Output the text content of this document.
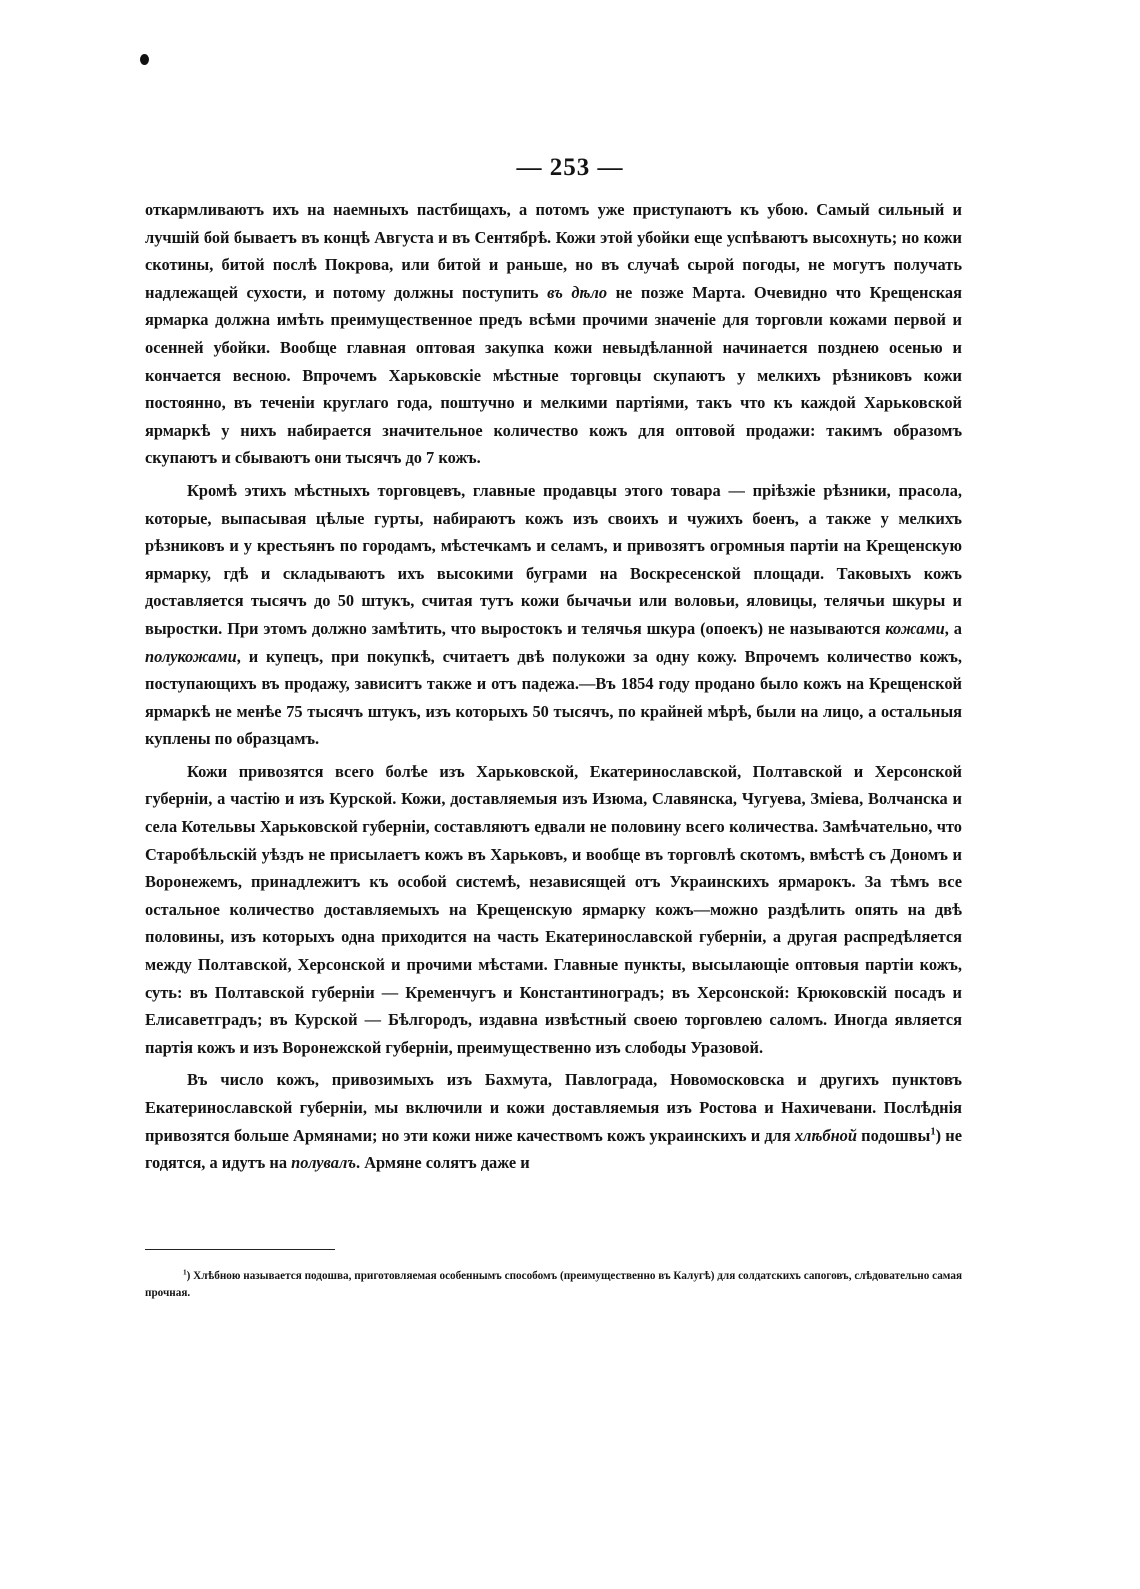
— 253 —

откармливаютъ ихъ на наемныхъ пастбищахъ, а потомъ уже приступаютъ къ убою. Самый сильный и лучшій бой бываетъ въ концѣ Августа и въ Сентябрѣ. Кожи этой убойки еще успѣваютъ высохнуть; но кожи скотины, битой послѣ Покрова, или битой и раньше, но въ случаѣ сырой погоды, не могутъ получать надлежащей сухости, и потому должны поступить въ дѣло не позже Марта. Очевидно что Крещенская ярмарка должна имѣть преимущественное предъ всѣми прочими значеніе для торговли кожами первой и осенней убойки. Вообще главная оптовая закупка кожи невыдѣланной начинается позднею осенью и кончается весною. Впрочемъ Харьковскіе мѣстные торговцы скупаютъ у мелкихъ рѣзниковъ кожи постоянно, въ теченіи круглаго года, поштучно и мелкими партіями, такъ что къ каждой Харьковской ярмаркѣ у нихъ набирается значительное количество кожъ для оптовой продажи: такимъ образомъ скупаютъ и сбываютъ они тысячъ до 7 кожъ.

Кромѣ этихъ мѣстныхъ торговцевъ, главные продавцы этого товара — пріѣзжіе рѣзники, прасола, которые, выпасывая цѣлые гурты, набираютъ кожъ изъ своихъ и чужихъ боенъ, а также у мелкихъ рѣзниковъ и у крестьянъ по городамъ, мѣстечкамъ и селамъ, и привозятъ огромныя партіи на Крещенскую ярмарку, гдѣ и складываютъ ихъ высокими буграми на Воскресенской площади. Таковыхъ кожъ доставляется тысячъ до 50 штукъ, считая тутъ кожи бычачьи или воловьи, яловицы, телячьи шкуры и выростки. При этомъ должно замѣтить, что выростокъ и телячья шкура (опоекъ) не называются кожами, а полукожами, и купецъ, при покупкѣ, считаетъ двѣ полукожи за одну кожу. Впрочемъ количество кожъ, поступающихъ въ продажу, зависитъ также и отъ падежа.—Въ 1854 году продано было кожъ на Крещенской ярмаркѣ не менѣе 75 тысячъ штукъ, изъ которыхъ 50 тысячъ, по крайней мѣрѣ, были на лицо, а остальныя куплены по образцамъ.

Кожи привозятся всего болѣе изъ Харьковской, Екатеринославской, Полтавской и Херсонской губерніи, а частію и изъ Курской. Кожи, доставляемыя изъ Изюма, Славянска, Чугуева, Зміева, Волчанска и села Котельвы Харьковской губерніи, составляютъ едвали не половину всего количества. Замѣчательно, что Старобѣльскій уѣздъ не присылаетъ кожъ въ Харьковъ, и вообще въ торговлѣ скотомъ, вмѣстѣ съ Дономъ и Воронежемъ, принадлежитъ къ особой системѣ, независящей отъ Украинскихъ ярмарокъ. За тѣмъ все остальное количество доставляемыхъ на Крещенскую ярмарку кожъ—можно раздѣлить опять на двѣ половины, изъ которыхъ одна приходится на часть Екатеринославской губерніи, а другая распредѣляется между Полтавской, Херсонской и прочими мѣстами. Главные пункты, высылающіе оптовыя партіи кожъ, суть: въ Полтавской губерніи — Кременчугъ и Константиноградъ; въ Херсонской: Крюковскій посадъ и Елисаветградъ; въ Курской — Бѣлгородъ, издавна извѣстный своею торговлею саломъ. Иногда является партія кожъ и изъ Воронежской губерніи, преимущественно изъ слободы Уразовой.

Въ число кожъ, привозимыхъ изъ Бахмута, Павлограда, Новомосковска и другихъ пунктовъ Екатеринославской губерніи, мы включили и кожи доставляемыя изъ Ростова и Нахичевани. Послѣднія привозятся больше Армянами; но эти кожи ниже качествомъ кожъ украинскихъ и для хлѣбной подошвы$^1$) не годятся, а идутъ на полувалъ. Армяне солятъ даже и

$^1$) Хлѣбною называется подошва, приготовляемая особеннымъ способомъ (преимущественно въ Калугѣ) для солдатскихъ сапоговъ, слѣдовательно самая прочная.
